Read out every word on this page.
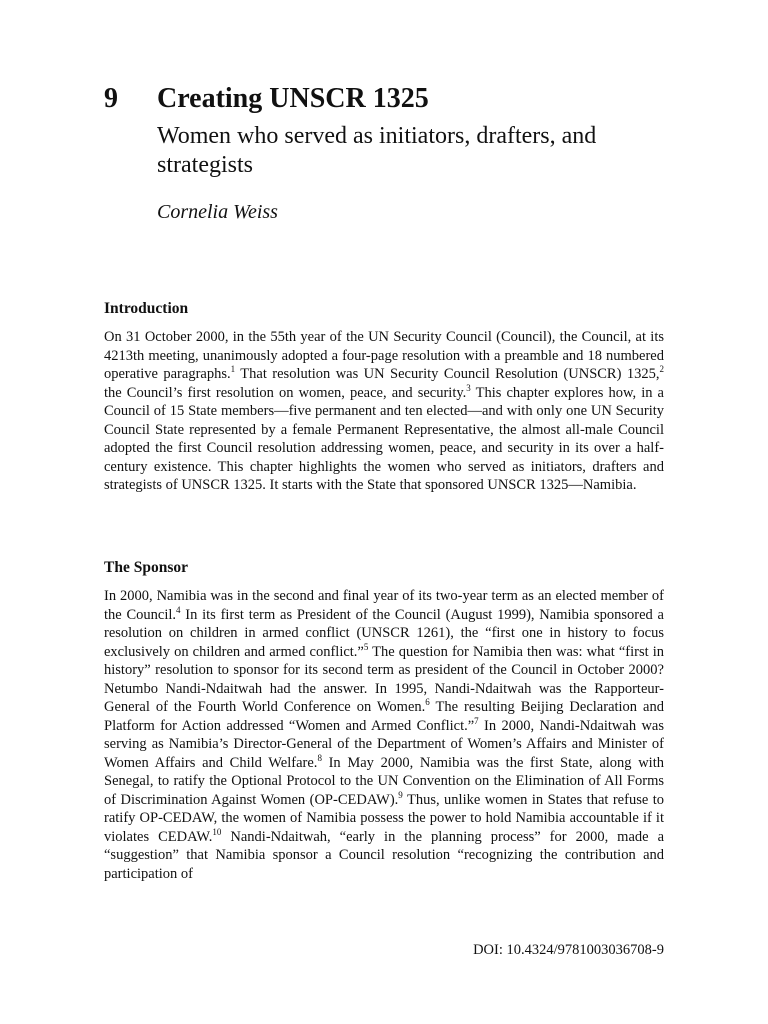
9 Creating UNSCR 1325
Women who served as initiators, drafters, and strategists
Cornelia Weiss
Introduction

On 31 October 2000, in the 55th year of the UN Security Council (Council), the Council, at its 4213th meeting, unanimously adopted a four-page resolution with a preamble and 18 numbered operative paragraphs.$^1$ That resolution was UN Security Council Resolution (UNSCR) 1325,$^2$ the Council’s first resolution on women, peace, and security.$^3$ This chapter explores how, in a Council of 15 State members—five permanent and ten elected—and with only one UN Security Council State represented by a female Permanent Representative, the almost all-male Council adopted the first Council resolution addressing women, peace, and security in its over a half-century existence. This chapter highlights the women who served as initiators, drafters and strategists of UNSCR 1325. It starts with the State that sponsored UNSCR 1325—Namibia.

The Sponsor

In 2000, Namibia was in the second and final year of its two-year term as an elected member of the Council.$^4$ In its first term as President of the Council (August 1999), Namibia sponsored a resolution on children in armed conflict (UNSCR 1261), the “first one in history to focus exclusively on children and armed conflict.”$^5$ The question for Namibia then was: what “first in history” resolution to sponsor for its second term as president of the Council in October 2000? Netumbo Nandi-Ndaitwah had the answer. In 1995, Nandi-Ndaitwah was the Rapporteur-General of the Fourth World Conference on Women.$^6$ The resulting Beijing Declaration and Platform for Action addressed “Women and Armed Conflict.”$^7$ In 2000, Nandi-Ndaitwah was serving as Namibia’s Director-General of the Department of Women’s Affairs and Minister of Women Affairs and Child Welfare.$^8$ In May 2000, Namibia was the first State, along with Senegal, to ratify the Optional Protocol to the UN Convention on the Elimination of All Forms of Discrimination Against Women (OP-CEDAW).$^9$ Thus, unlike women in States that refuse to ratify OP-CEDAW, the women of Namibia possess the power to hold Namibia accountable if it violates CEDAW.$^{10}$ Nandi-Ndaitwah, “early in the planning process” for 2000, made a “suggestion” that Namibia sponsor a Council resolution “recognizing the contribution and participation of

DOI: 10.4324/9781003036708-9
